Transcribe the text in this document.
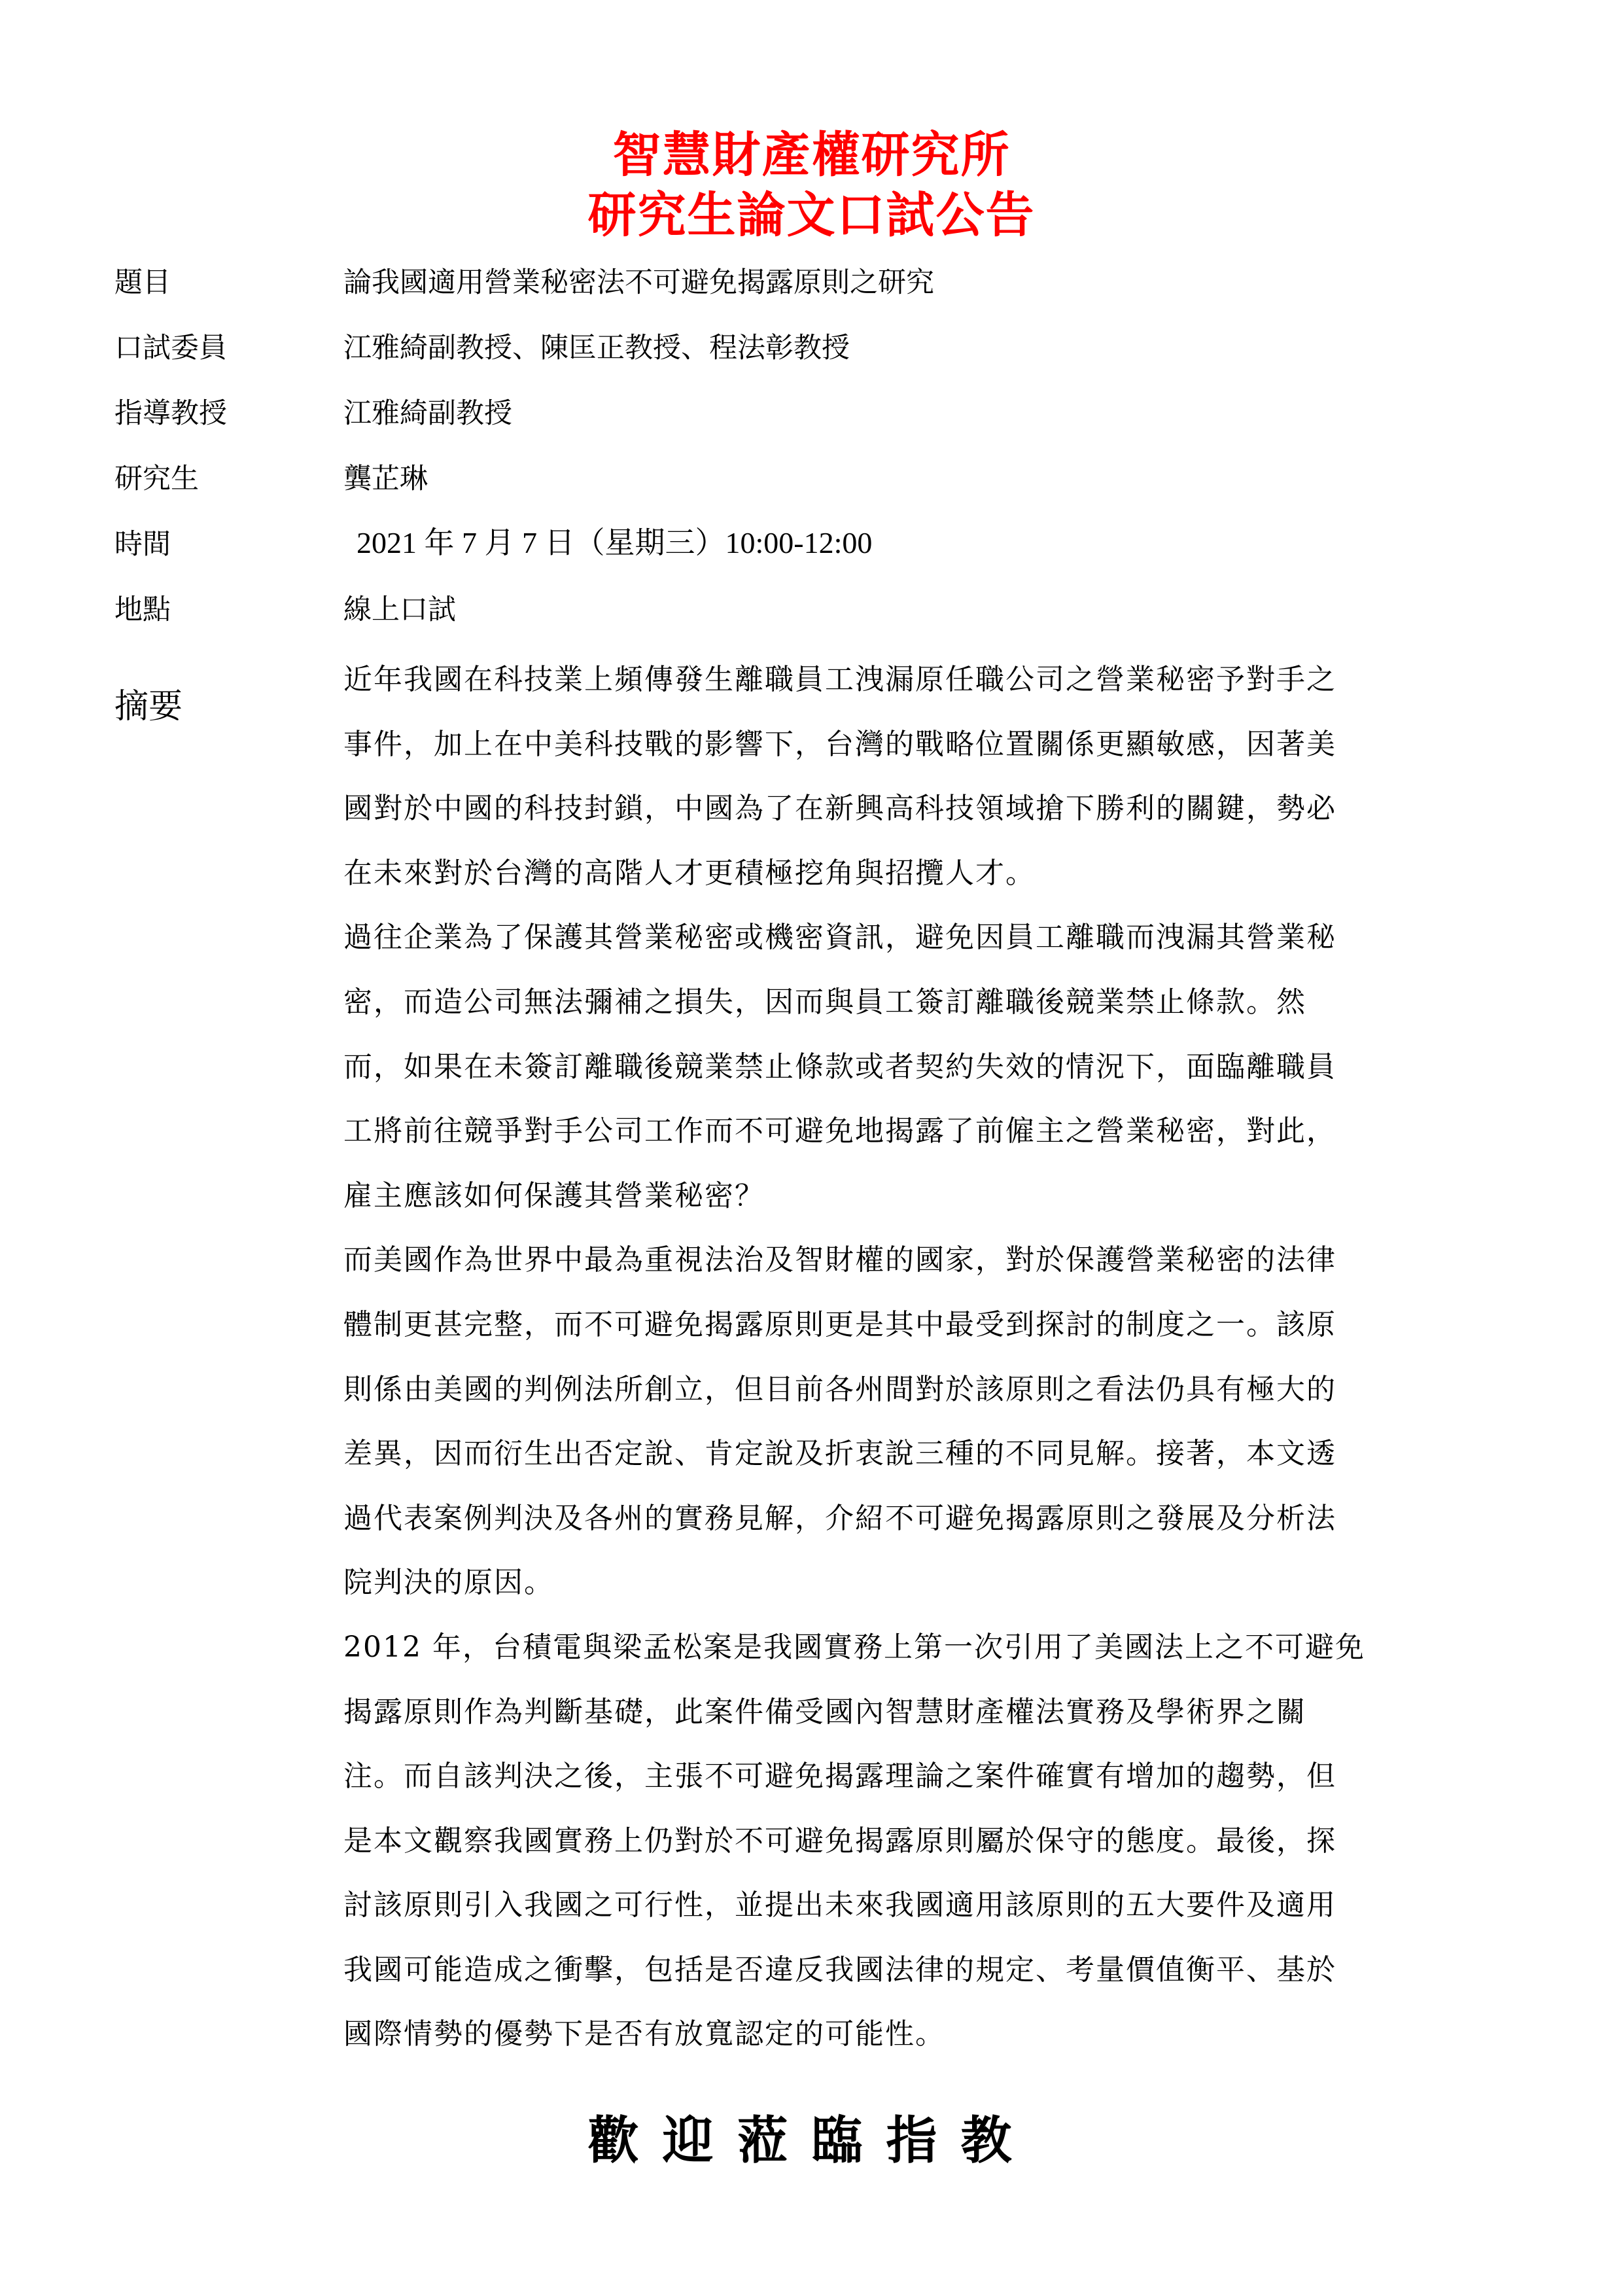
智慧財產權研究所
研究生論文口試公告
題目	論我國適用營業秘密法不可避免揭露原則之研究
口試委員	江雅綺副教授、陳匡正教授、程法彰教授
指導教授	江雅綺副教授
研究生	龔芷琳
時間	2021 年 7 月 7 日（星期三）10:00-12:00
地點	線上口試
摘要

近年我國在科技業上頻傳發生離職員工洩漏原任職公司之營業秘密予對手之
事件，加上在中美科技戰的影響下，台灣的戰略位置關係更顯敏感，因著美
國對於中國的科技封鎖，中國為了在新興高科技領域搶下勝利的關鍵，勢必
在未來對於台灣的高階人才更積極挖角與招攬人才。

過往企業為了保護其營業秘密或機密資訊，避免因員工離職而洩漏其營業秘
密，而造公司無法彌補之損失，因而與員工簽訂離職後競業禁止條款。然
而，如果在未簽訂離職後競業禁止條款或者契約失效的情況下，面臨離職員
工將前往競爭對手公司工作而不可避免地揭露了前僱主之營業秘密，對此，
雇主應該如何保護其營業秘密？

而美國作為世界中最為重視法治及智財權的國家，對於保護營業秘密的法律
體制更甚完整，而不可避免揭露原則更是其中最受到探討的制度之一。該原
則係由美國的判例法所創立，但目前各州間對於該原則之看法仍具有極大的
差異，因而衍生出否定說、肯定說及折衷說三種的不同見解。接著，本文透
過代表案例判決及各州的實務見解，介紹不可避免揭露原則之發展及分析法
院判決的原因。

2012 年，台積電與梁孟松案是我國實務上第一次引用了美國法上之不可避免
揭露原則作為判斷基礎，此案件備受國內智慧財產權法實務及學術界之關
注。而自該判決之後，主張不可避免揭露理論之案件確實有增加的趨勢，但
是本文觀察我國實務上仍對於不可避免揭露原則屬於保守的態度。最後，探
討該原則引入我國之可行性，並提出未來我國適用該原則的五大要件及適用
我國可能造成之衝擊，包括是否違反我國法律的規定、考量價值衡平、基於
國際情勢的優勢下是否有放寬認定的可能性。

歡迎蒞臨指教
